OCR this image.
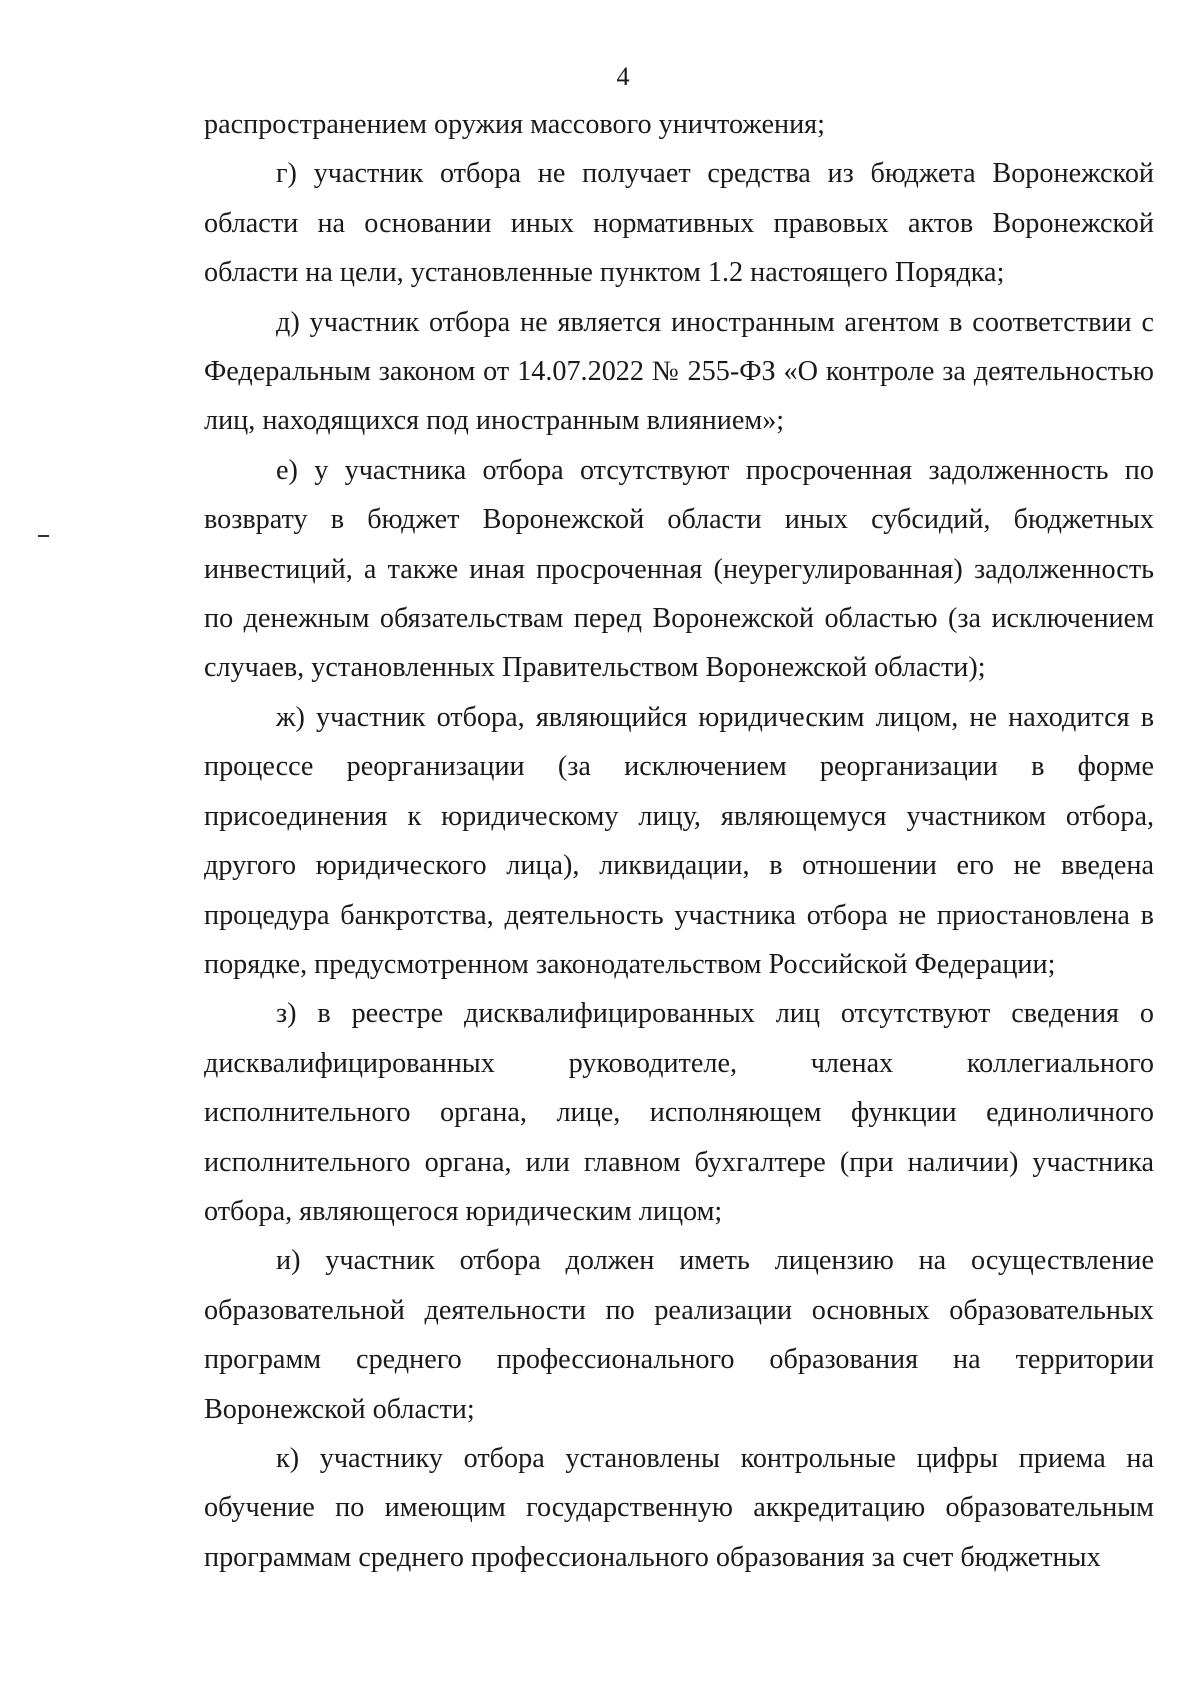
4

распространением оружия массового уничтожения;

г) участник отбора не получает средства из бюджета Воронежской области на основании иных нормативных правовых актов Воронежской области на цели, установленные пунктом 1.2 настоящего Порядка;

д) участник отбора не является иностранным агентом в соответствии с Федеральным законом от 14.07.2022 № 255-ФЗ «О контроле за деятельностью лиц, находящихся под иностранным влиянием»;

е) у участника отбора отсутствуют просроченная задолженность по возврату в бюджет Воронежской области иных субсидий, бюджетных инвестиций, а также иная просроченная (неурегулированная) задолженность по денежным обязательствам перед Воронежской областью (за исключением случаев, установленных Правительством Воронежской области);

ж) участник отбора, являющийся юридическим лицом, не находится в процессе реорганизации (за исключением реорганизации в форме присоединения к юридическому лицу, являющемуся участником отбора, другого юридического лица), ликвидации, в отношении его не введена процедура банкротства, деятельность участника отбора не приостановлена в порядке, предусмотренном законодательством Российской Федерации;

з) в реестре дисквалифицированных лиц отсутствуют сведения о дисквалифицированных руководителе, членах коллегиального исполнительного органа, лице, исполняющем функции единоличного исполнительного органа, или главном бухгалтере (при наличии) участника отбора, являющегося юридическим лицом;

и) участник отбора должен иметь лицензию на осуществление образовательной деятельности по реализации основных образовательных программ среднего профессионального образования на территории Воронежской области;

к) участнику отбора установлены контрольные цифры приема на обучение по имеющим государственную аккредитацию образовательным программам среднего профессионального образования за счет бюджетных
